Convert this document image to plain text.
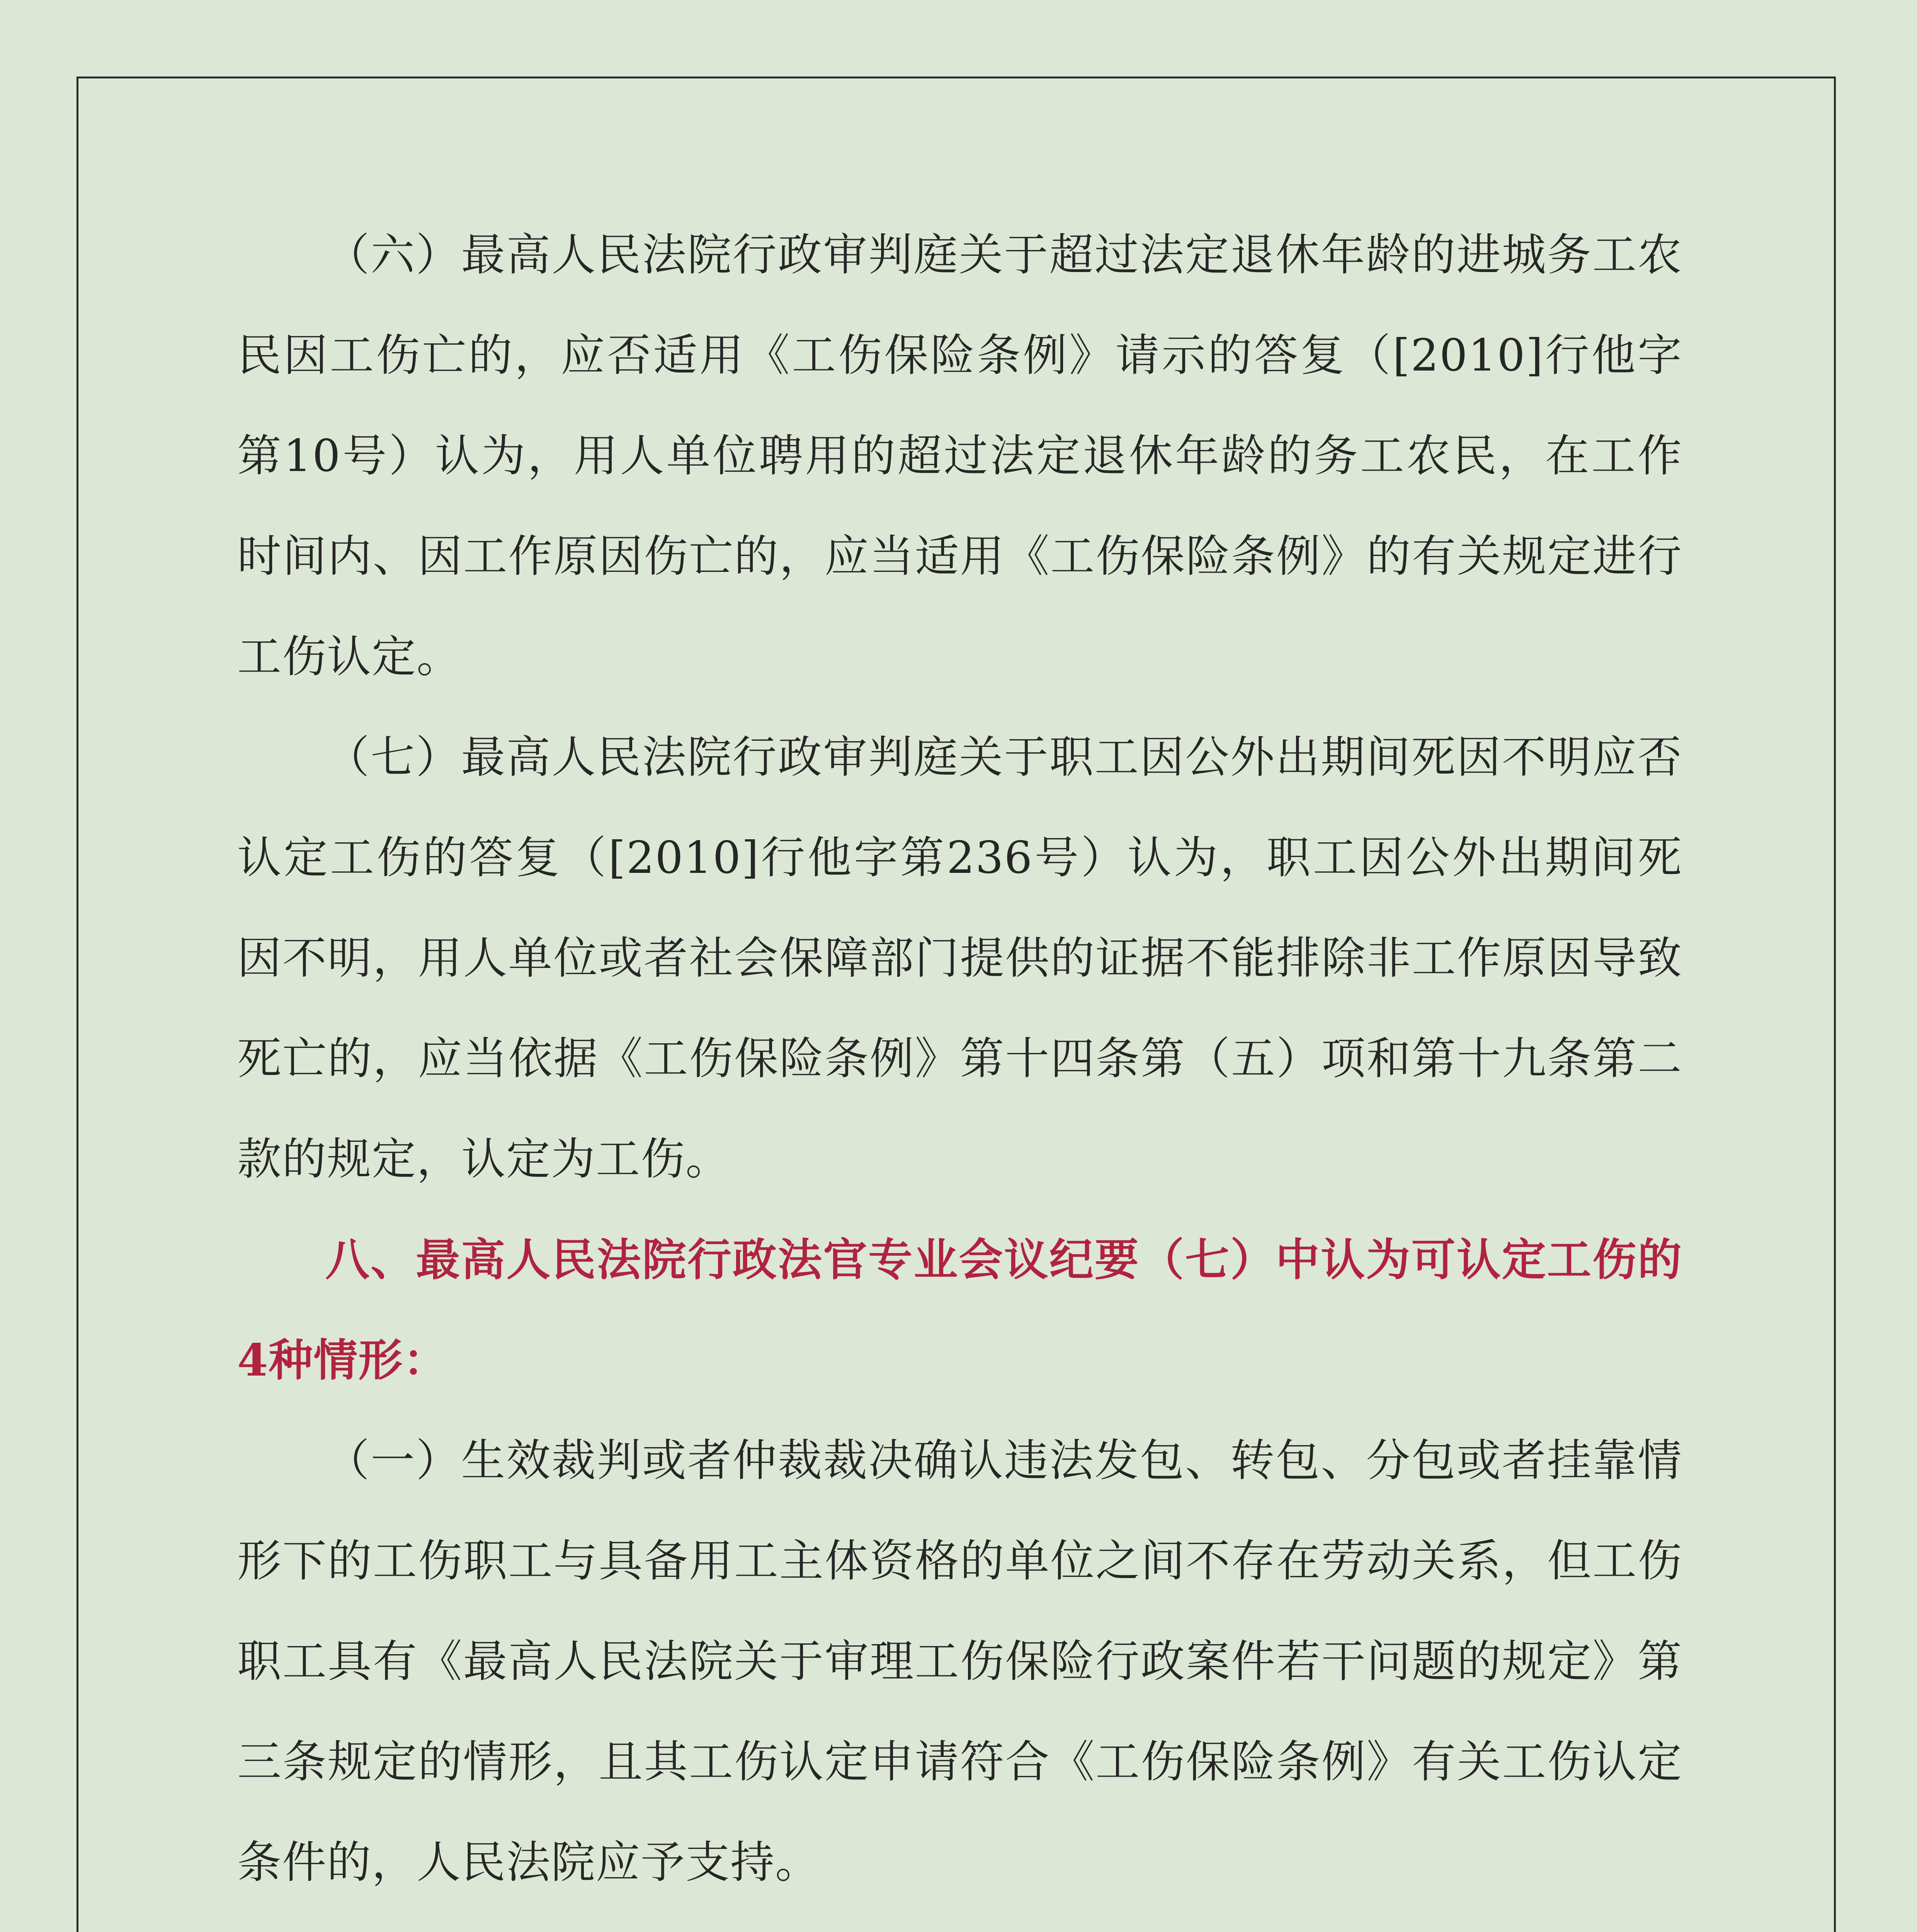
（六）最高人民法院行政审判庭关于超过法定退休年龄的进城务工农民因工伤亡的，应否适用《工伤保险条例》请示的答复（[2010]行他字第10号）认为，用人单位聘用的超过法定退休年龄的务工农民，在工作时间内、因工作原因伤亡的，应当适用《工伤保险条例》的有关规定进行工伤认定。

（七）最高人民法院行政审判庭关于职工因公外出期间死因不明应否认定工伤的答复（[2010]行他字第236号）认为，职工因公外出期间死因不明，用人单位或者社会保障部门提供的证据不能排除非工作原因导致死亡的，应当依据《工伤保险条例》第十四条第（五）项和第十九条第二款的规定，认定为工伤。

八、最高人民法院行政法官专业会议纪要（七）中认为可认定工伤的4种情形：

（一）生效裁判或者仲裁裁决确认违法发包、转包、分包或者挂靠情形下的工伤职工与具备用工主体资格的单位之间不存在劳动关系，但工伤职工具有《最高人民法院关于审理工伤保险行政案件若干问题的规定》第三条规定的情形，且其工伤认定申请符合《工伤保险条例》有关工伤认定条件的，人民法院应予支持。
